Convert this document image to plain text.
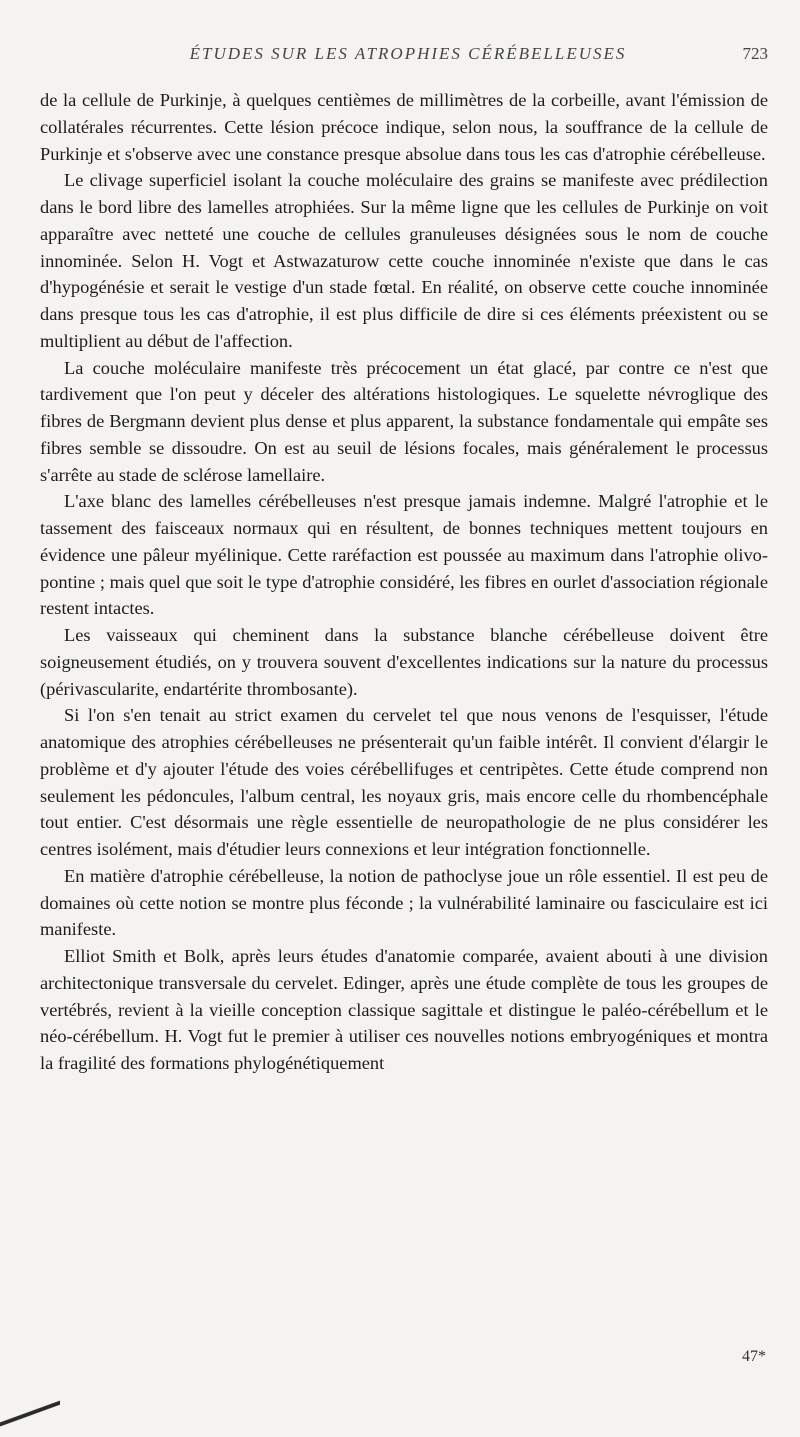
ÉTUDES SUR LES ATROPHIES CÉRÉBELLEUSES	723

de la cellule de Purkinje, à quelques centièmes de millimètres de la corbeille, avant l'émission de collatérales récurrentes. Cette lésion précoce indique, selon nous, la souffrance de la cellule de Purkinje et s'observe avec une constance presque absolue dans tous les cas d'atrophie cérébelleuse.

Le clivage superficiel isolant la couche moléculaire des grains se manifeste avec prédilection dans le bord libre des lamelles atrophiées. Sur la même ligne que les cellules de Purkinje on voit apparaître avec netteté une couche de cellules granuleuses désignées sous le nom de couche innominée. Selon H. Vogt et Astwazaturow cette couche innominée n'existe que dans le cas d'hypogénésie et serait le vestige d'un stade fœtal. En réalité, on observe cette couche innominée dans presque tous les cas d'atrophie, il est plus difficile de dire si ces éléments préexistent ou se multiplient au début de l'affection.

La couche moléculaire manifeste très précocement un état glacé, par contre ce n'est que tardivement que l'on peut y déceler des altérations histologiques. Le squelette névroglique des fibres de Bergmann devient plus dense et plus apparent, la substance fondamentale qui empâte ses fibres semble se dissoudre. On est au seuil de lésions focales, mais généralement le processus s'arrête au stade de sclérose lamellaire.

L'axe blanc des lamelles cérébelleuses n'est presque jamais indemne. Malgré l'atrophie et le tassement des faisceaux normaux qui en résultent, de bonnes techniques mettent toujours en évidence une pâleur myélinique. Cette raréfaction est poussée au maximum dans l'atrophie olivo-pontine ; mais quel que soit le type d'atrophie considéré, les fibres en ourlet d'association régionale restent intactes.

Les vaisseaux qui cheminent dans la substance blanche cérébelleuse doivent être soigneusement étudiés, on y trouvera souvent d'excellentes indications sur la nature du processus (périvascularite, endartérite thrombosante).

Si l'on s'en tenait au strict examen du cervelet tel que nous venons de l'esquisser, l'étude anatomique des atrophies cérébelleuses ne présenterait qu'un faible intérêt. Il convient d'élargir le problème et d'y ajouter l'étude des voies cérébellifuges et centripètes. Cette étude comprend non seulement les pédoncules, l'album central, les noyaux gris, mais encore celle du rhombencéphale tout entier. C'est désormais une règle essentielle de neuropathologie de ne plus considérer les centres isolément, mais d'étudier leurs connexions et leur intégration fonctionnelle.

En matière d'atrophie cérébelleuse, la notion de pathoclyse joue un rôle essentiel. Il est peu de domaines où cette notion se montre plus féconde ; la vulnérabilité laminaire ou fasciculaire est ici manifeste.

Elliot Smith et Bolk, après leurs études d'anatomie comparée, avaient abouti à une division architectonique transversale du cervelet. Edinger, après une étude complète de tous les groupes de vertébrés, revient à la vieille conception classique sagittale et distingue le paléo-cérébellum et le néo-cérébellum. H. Vogt fut le premier à utiliser ces nouvelles notions embryogéniques et montra la fragilité des formations phylogénétiquement

47*
